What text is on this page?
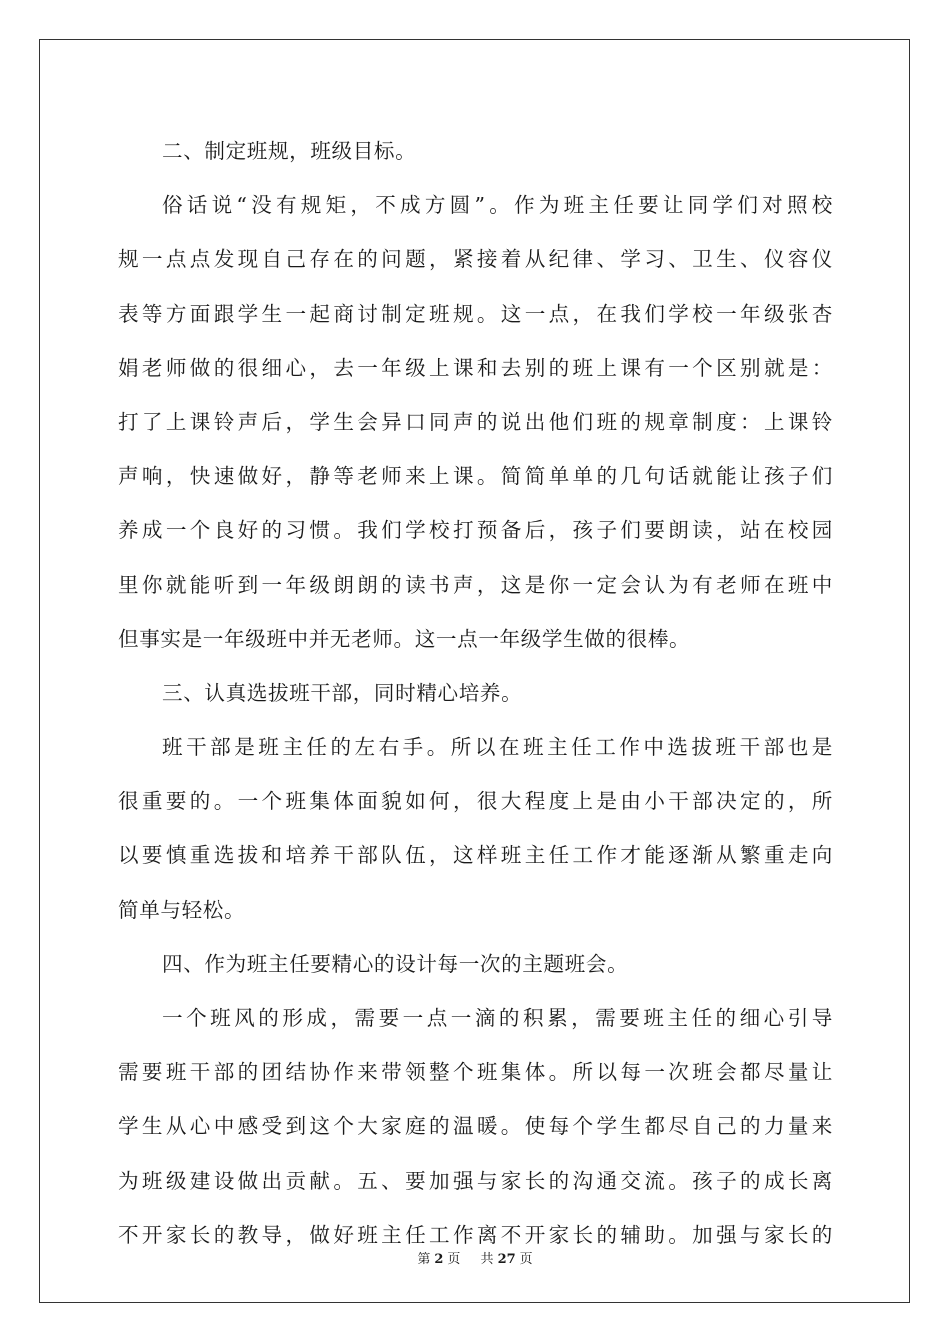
二、制定班规，班级目标。
俗话说“没有规矩，不成方圆”。作为班主任要让同学们对照校
规一点点发现自己存在的问题，紧接着从纪律、学习、卫生、仪容仪
表等方面跟学生一起商讨制定班规。这一点，在我们学校一年级张杏
娟老师做的很细心，去一年级上课和去别的班上课有一个区别就是：
打了上课铃声后，学生会异口同声的说出他们班的规章制度：上课铃
声响，快速做好，静等老师来上课。简简单单的几句话就能让孩子们
养成一个良好的习惯。我们学校打预备后，孩子们要朗读，站在校园
里你就能听到一年级朗朗的读书声，这是你一定会认为有老师在班中
但事实是一年级班中并无老师。这一点一年级学生做的很棒。
三、认真选拔班干部，同时精心培养。
班干部是班主任的左右手。所以在班主任工作中选拔班干部也是
很重要的。一个班集体面貌如何，很大程度上是由小干部决定的，所
以要慎重选拔和培养干部队伍，这样班主任工作才能逐渐从繁重走向
简单与轻松。
四、作为班主任要精心的设计每一次的主题班会。
一个班风的形成，需要一点一滴的积累，需要班主任的细心引导
需要班干部的团结协作来带领整个班集体。所以每一次班会都尽量让
学生从心中感受到这个大家庭的温暖。使每个学生都尽自己的力量来
为班级建设做出贡献。五、要加强与家长的沟通交流。孩子的成长离
不开家长的教导，做好班主任工作离不开家长的辅助。加强与家长的
第 2 页 共 27 页
